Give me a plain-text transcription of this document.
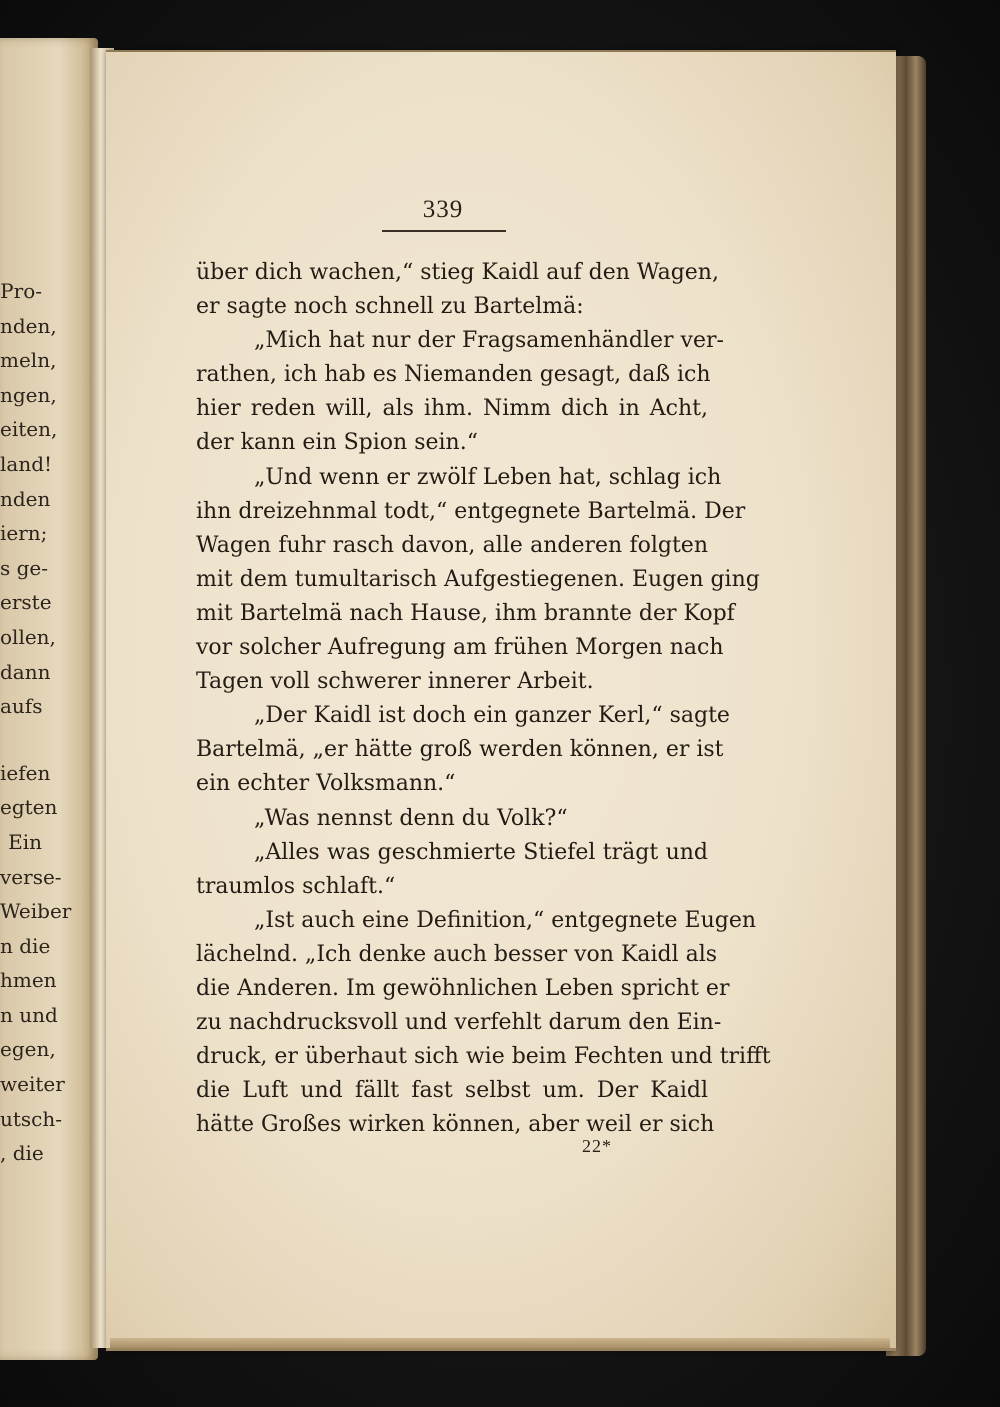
Pro-
nden,
meln,
ngen,
eiten,
land!
nden
iern;
s ge-
erste
ollen,
dann
aufs
iefen
egten
Ein
verse-
Weiber
n die
hmen
n und
egen,
weiter
utsch-
, die
339
über dich wachen,“ stieg Kaidl auf den Wagen,
er sagte noch schnell zu Bartelmä:
„Mich hat nur der Fragsamenhändler ver-
rathen, ich hab es Niemanden gesagt, daß ich
hier reden will, als ihm. Nimm dich in Acht,
der kann ein Spion sein.“
„Und wenn er zwölf Leben hat, schlag ich
ihn dreizehnmal todt,“ entgegnete Bartelmä. Der
Wagen fuhr rasch davon, alle anderen folgten
mit dem tumultarisch Aufgestiegenen. Eugen ging
mit Bartelmä nach Hause, ihm brannte der Kopf
vor solcher Aufregung am frühen Morgen nach
Tagen voll schwerer innerer Arbeit.
„Der Kaidl ist doch ein ganzer Kerl,“ sagte
Bartelmä, „er hätte groß werden können, er ist
ein echter Volksmann.“
„Was nennst denn du Volk?“
„Alles was geschmierte Stiefel trägt und
traumlos schlaft.“
„Ist auch eine Definition,“ entgegnete Eugen
lächelnd. „Ich denke auch besser von Kaidl als
die Anderen. Im gewöhnlichen Leben spricht er
zu nachdrucksvoll und verfehlt darum den Ein-
druck, er überhaut sich wie beim Fechten und trifft
die Luft und fällt fast selbst um. Der Kaidl
hätte Großes wirken können, aber weil er sich
22*
